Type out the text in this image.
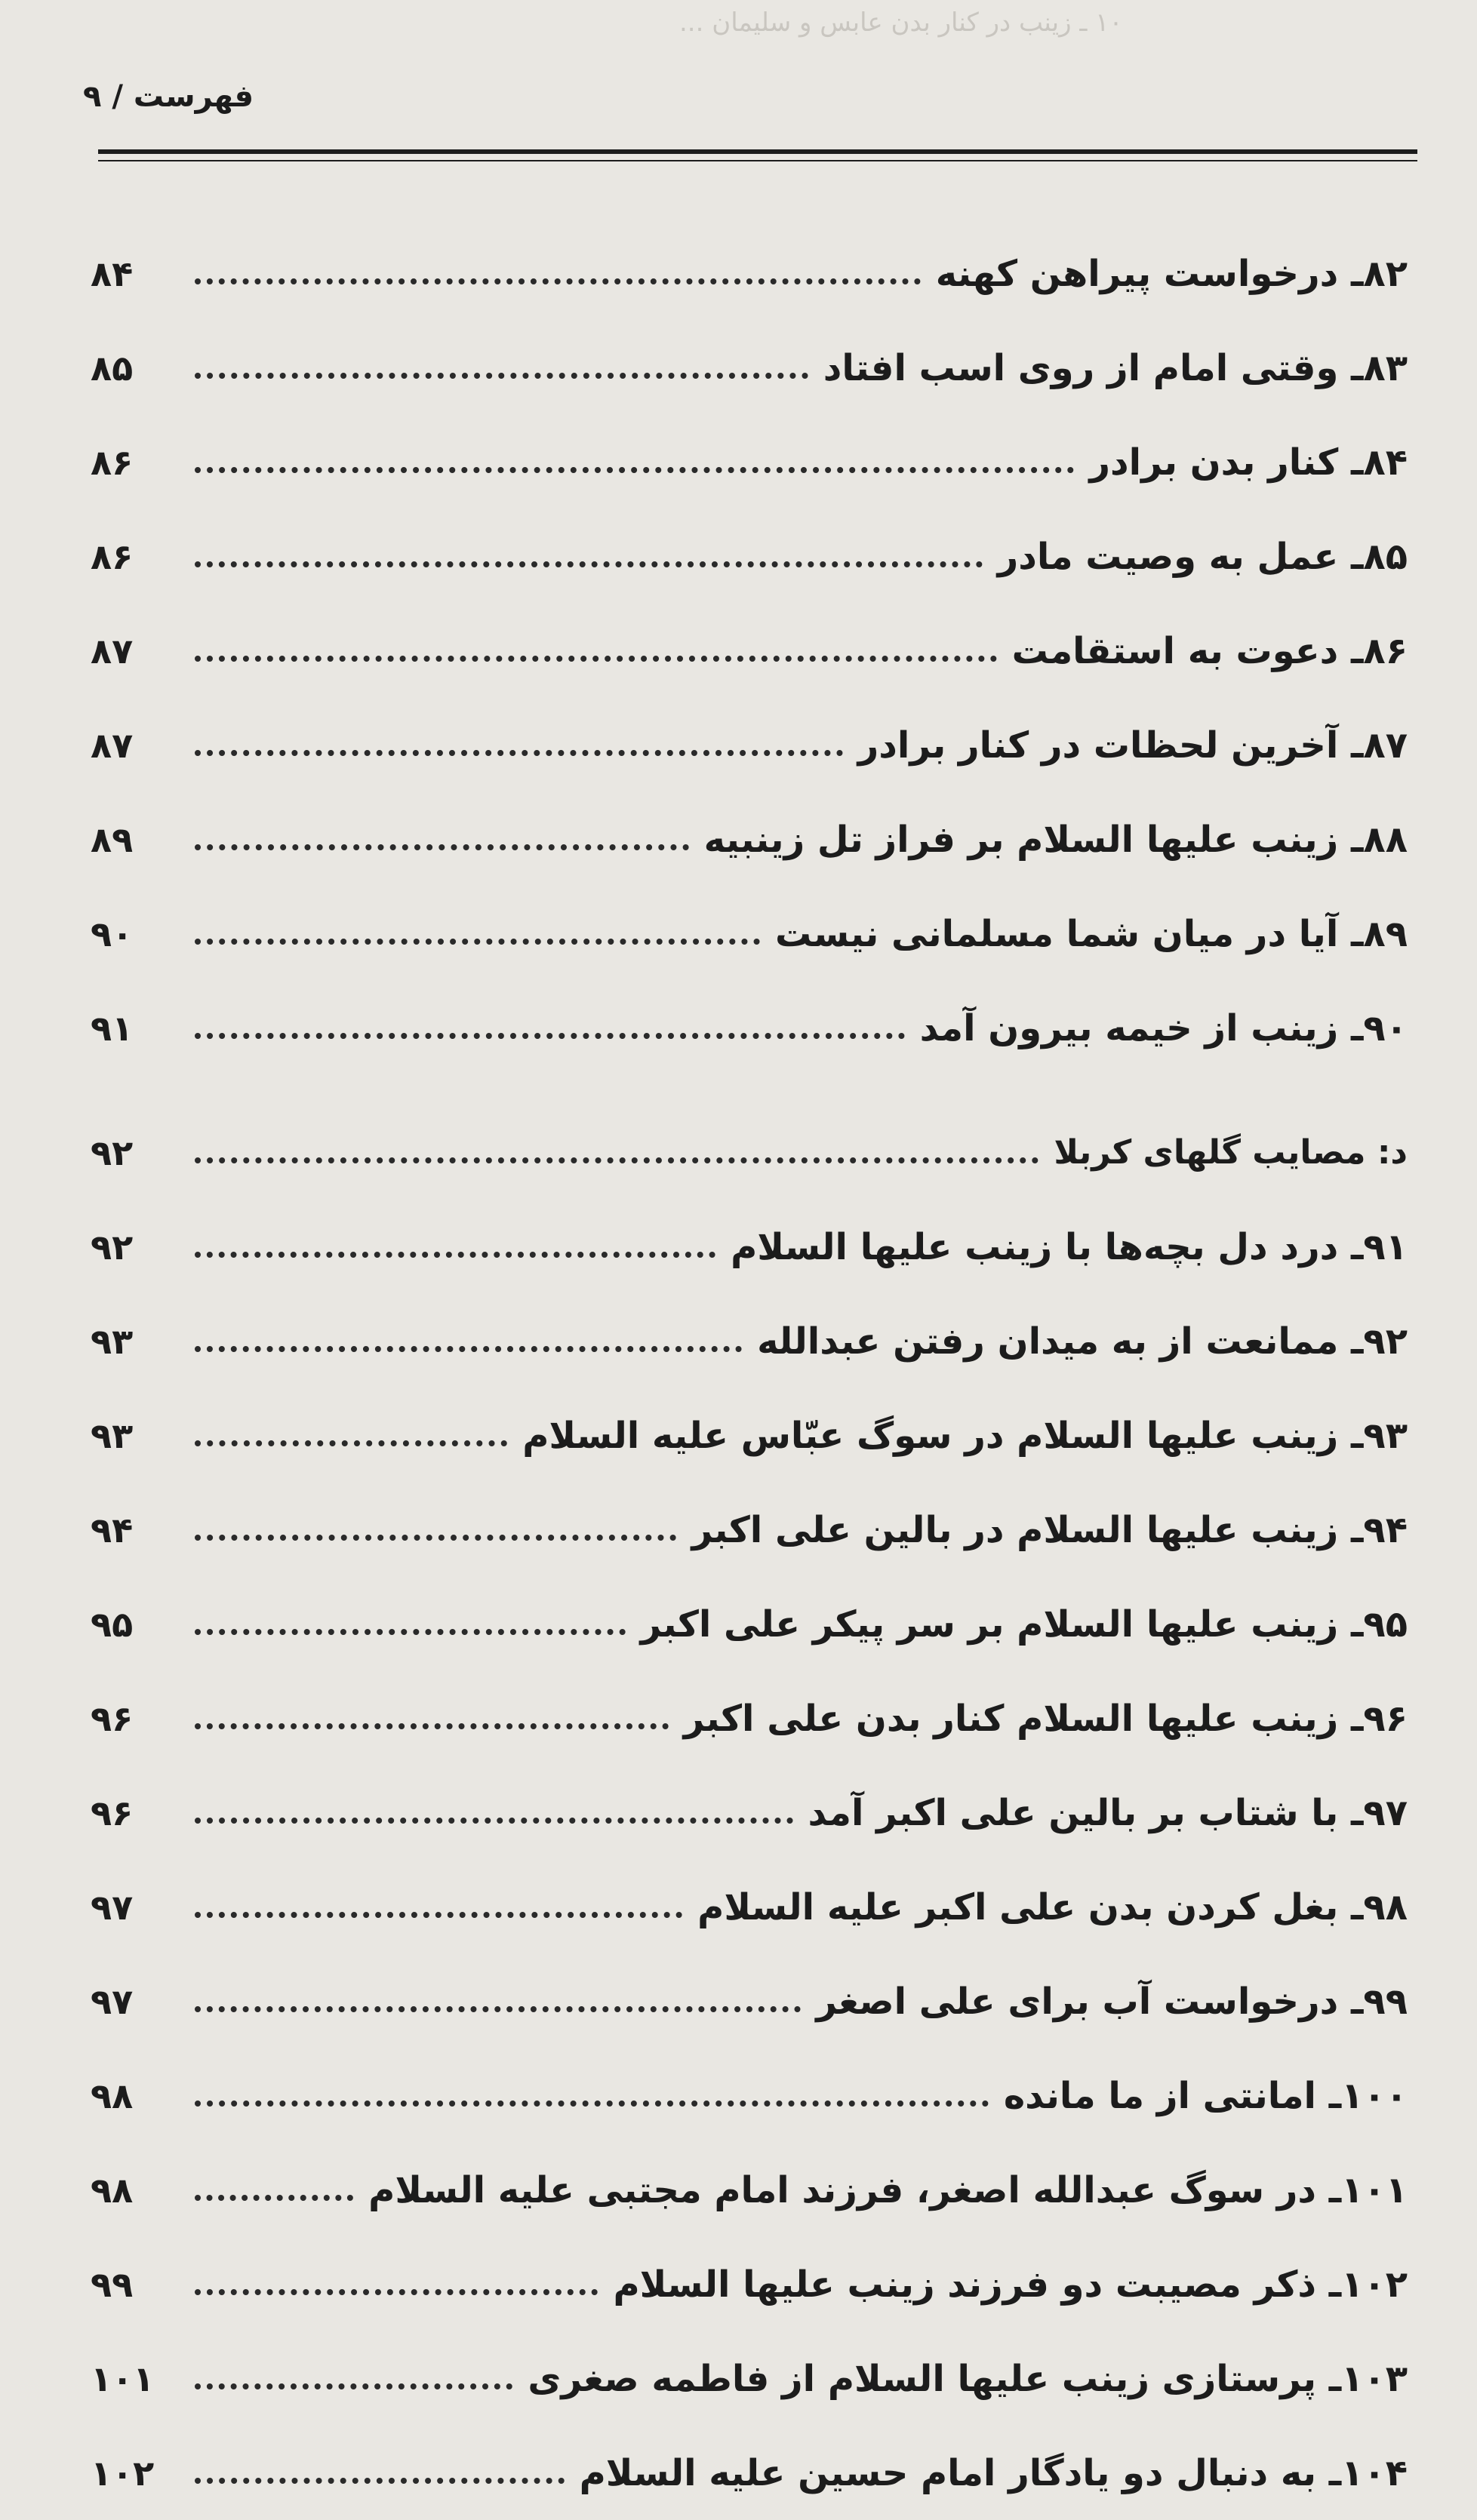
۱۰ ـ زینب در کنار بدن عابس و سلیمان ...
فهرست / ۹
۸۲ـ درخواست پیراهن کهنه
۸۴
۸۳ـ وقتی امام از روی اسب افتاد
۸۵
۸۴ـ کنار بدن برادر
۸۶
۸۵ـ عمل به وصیت مادر
۸۶
۸۶ـ دعوت به استقامت
۸۷
۸۷ـ آخرین لحظات در کنار برادر
۸۷
۸۸ـ زینب علیها السلام بر فراز تل زینبیه
۸۹
۸۹ـ آیا در میان شما مسلمانی نیست
۹۰
۹۰ـ زینب از خیمه بیرون آمد
۹۱
د: مصایب گلهای کربلا
۹۲
۹۱ـ درد دل بچه‌ها با زینب علیها السلام
۹۲
۹۲ـ ممانعت از به میدان رفتن عبدالله
۹۳
۹۳ـ زینب علیها السلام در سوگ عبّاس علیه السلام
۹۳
۹۴ـ زینب علیها السلام در بالین علی اکبر
۹۴
۹۵ـ زینب علیها السلام بر سر پیکر علی اکبر
۹۵
۹۶ـ زینب علیها السلام کنار بدن علی اکبر
۹۶
۹۷ـ با شتاب بر بالین علی اکبر آمد
۹۶
۹۸ـ بغل کردن بدن علی اکبر علیه السلام
۹۷
۹۹ـ درخواست آب برای علی اصغر
۹۷
۱۰۰ـ امانتی از ما مانده
۹۸
۱۰۱ـ در سوگ عبدالله اصغر، فرزند امام مجتبی علیه السلام
۹۸
۱۰۲ـ ذکر مصیبت دو فرزند زینب علیها السلام
۹۹
۱۰۳ـ پرستازی زینب علیها السلام از فاطمه صغری
۱۰۱
۱۰۴ـ به دنبال دو یادگار امام حسین علیه السلام
۱۰۲
